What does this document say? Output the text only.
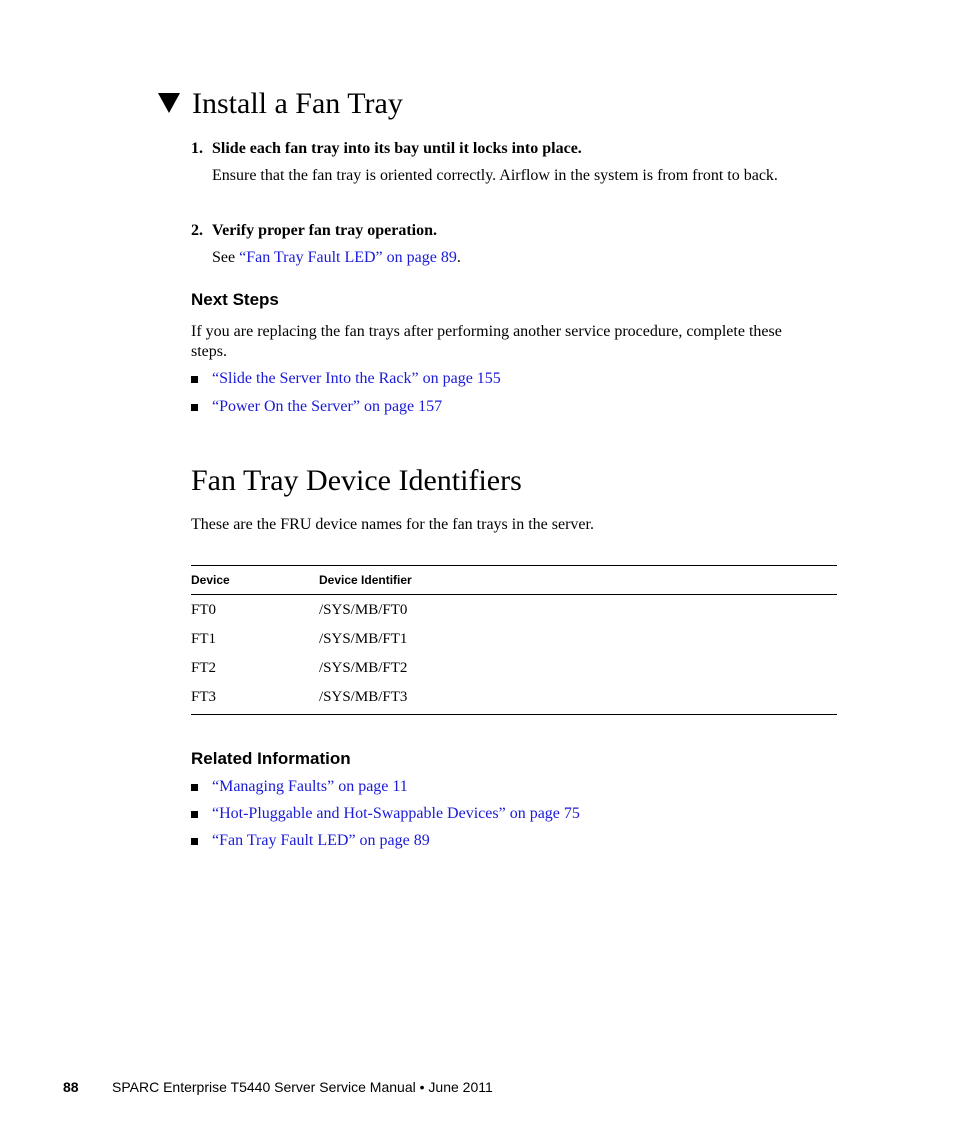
Install a Fan Tray
1. Slide each fan tray into its bay until it locks into place.
Ensure that the fan tray is oriented correctly. Airflow in the system is from front to back.
2. Verify proper fan tray operation.
See “Fan Tray Fault LED” on page 89.
Next Steps
If you are replacing the fan trays after performing another service procedure, complete these steps.
“Slide the Server Into the Rack” on page 155
“Power On the Server” on page 157
Fan Tray Device Identifiers
These are the FRU device names for the fan trays in the server.
Device	Device Identifier
FT0	/SYS/MB/FT0
FT1	/SYS/MB/FT1
FT2	/SYS/MB/FT2
FT3	/SYS/MB/FT3
Related Information
“Managing Faults” on page 11
“Hot-Pluggable and Hot-Swappable Devices” on page 75
“Fan Tray Fault LED” on page 89
88 SPARC Enterprise T5440 Server Service Manual • June 2011
